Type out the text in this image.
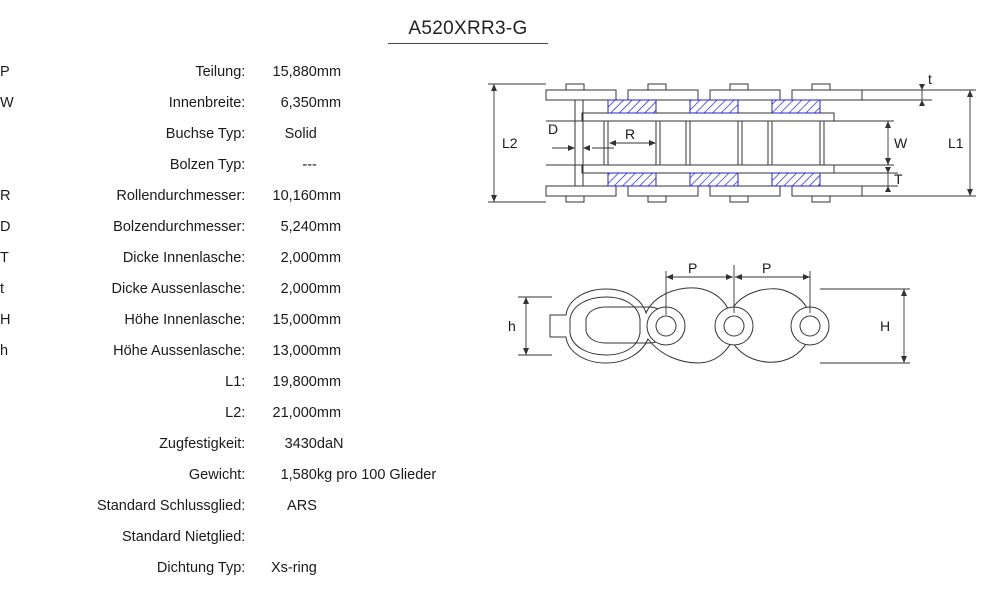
A520XRR3-G
P	Teilung:	15,880	mm
W	Innenbreite:	6,350	mm
	Buchse Typ:	Solid	
	Bolzen Typ:	---	
R	Rollendurchmesser:	10,160	mm
D	Bolzendurchmesser:	5,240	mm
T	Dicke Innenlasche:	2,000	mm
t	Dicke Aussenlasche:	2,000	mm
H	Höhe Innenlasche:	15,000	mm
h	Höhe Aussenlasche:	13,000	mm
	L1:	19,800	mm
	L2:	21,000	mm
	Zugfestigkeit:	3430	daN
	Gewicht:	1,580	kg pro 100 Glieder
	Standard Schlussglied:	ARS	
	Standard Nietglied:		
	Dichtung Typ:	Xs-ring	
L2	L1
D	R
W
t
T
P	P
h	H
